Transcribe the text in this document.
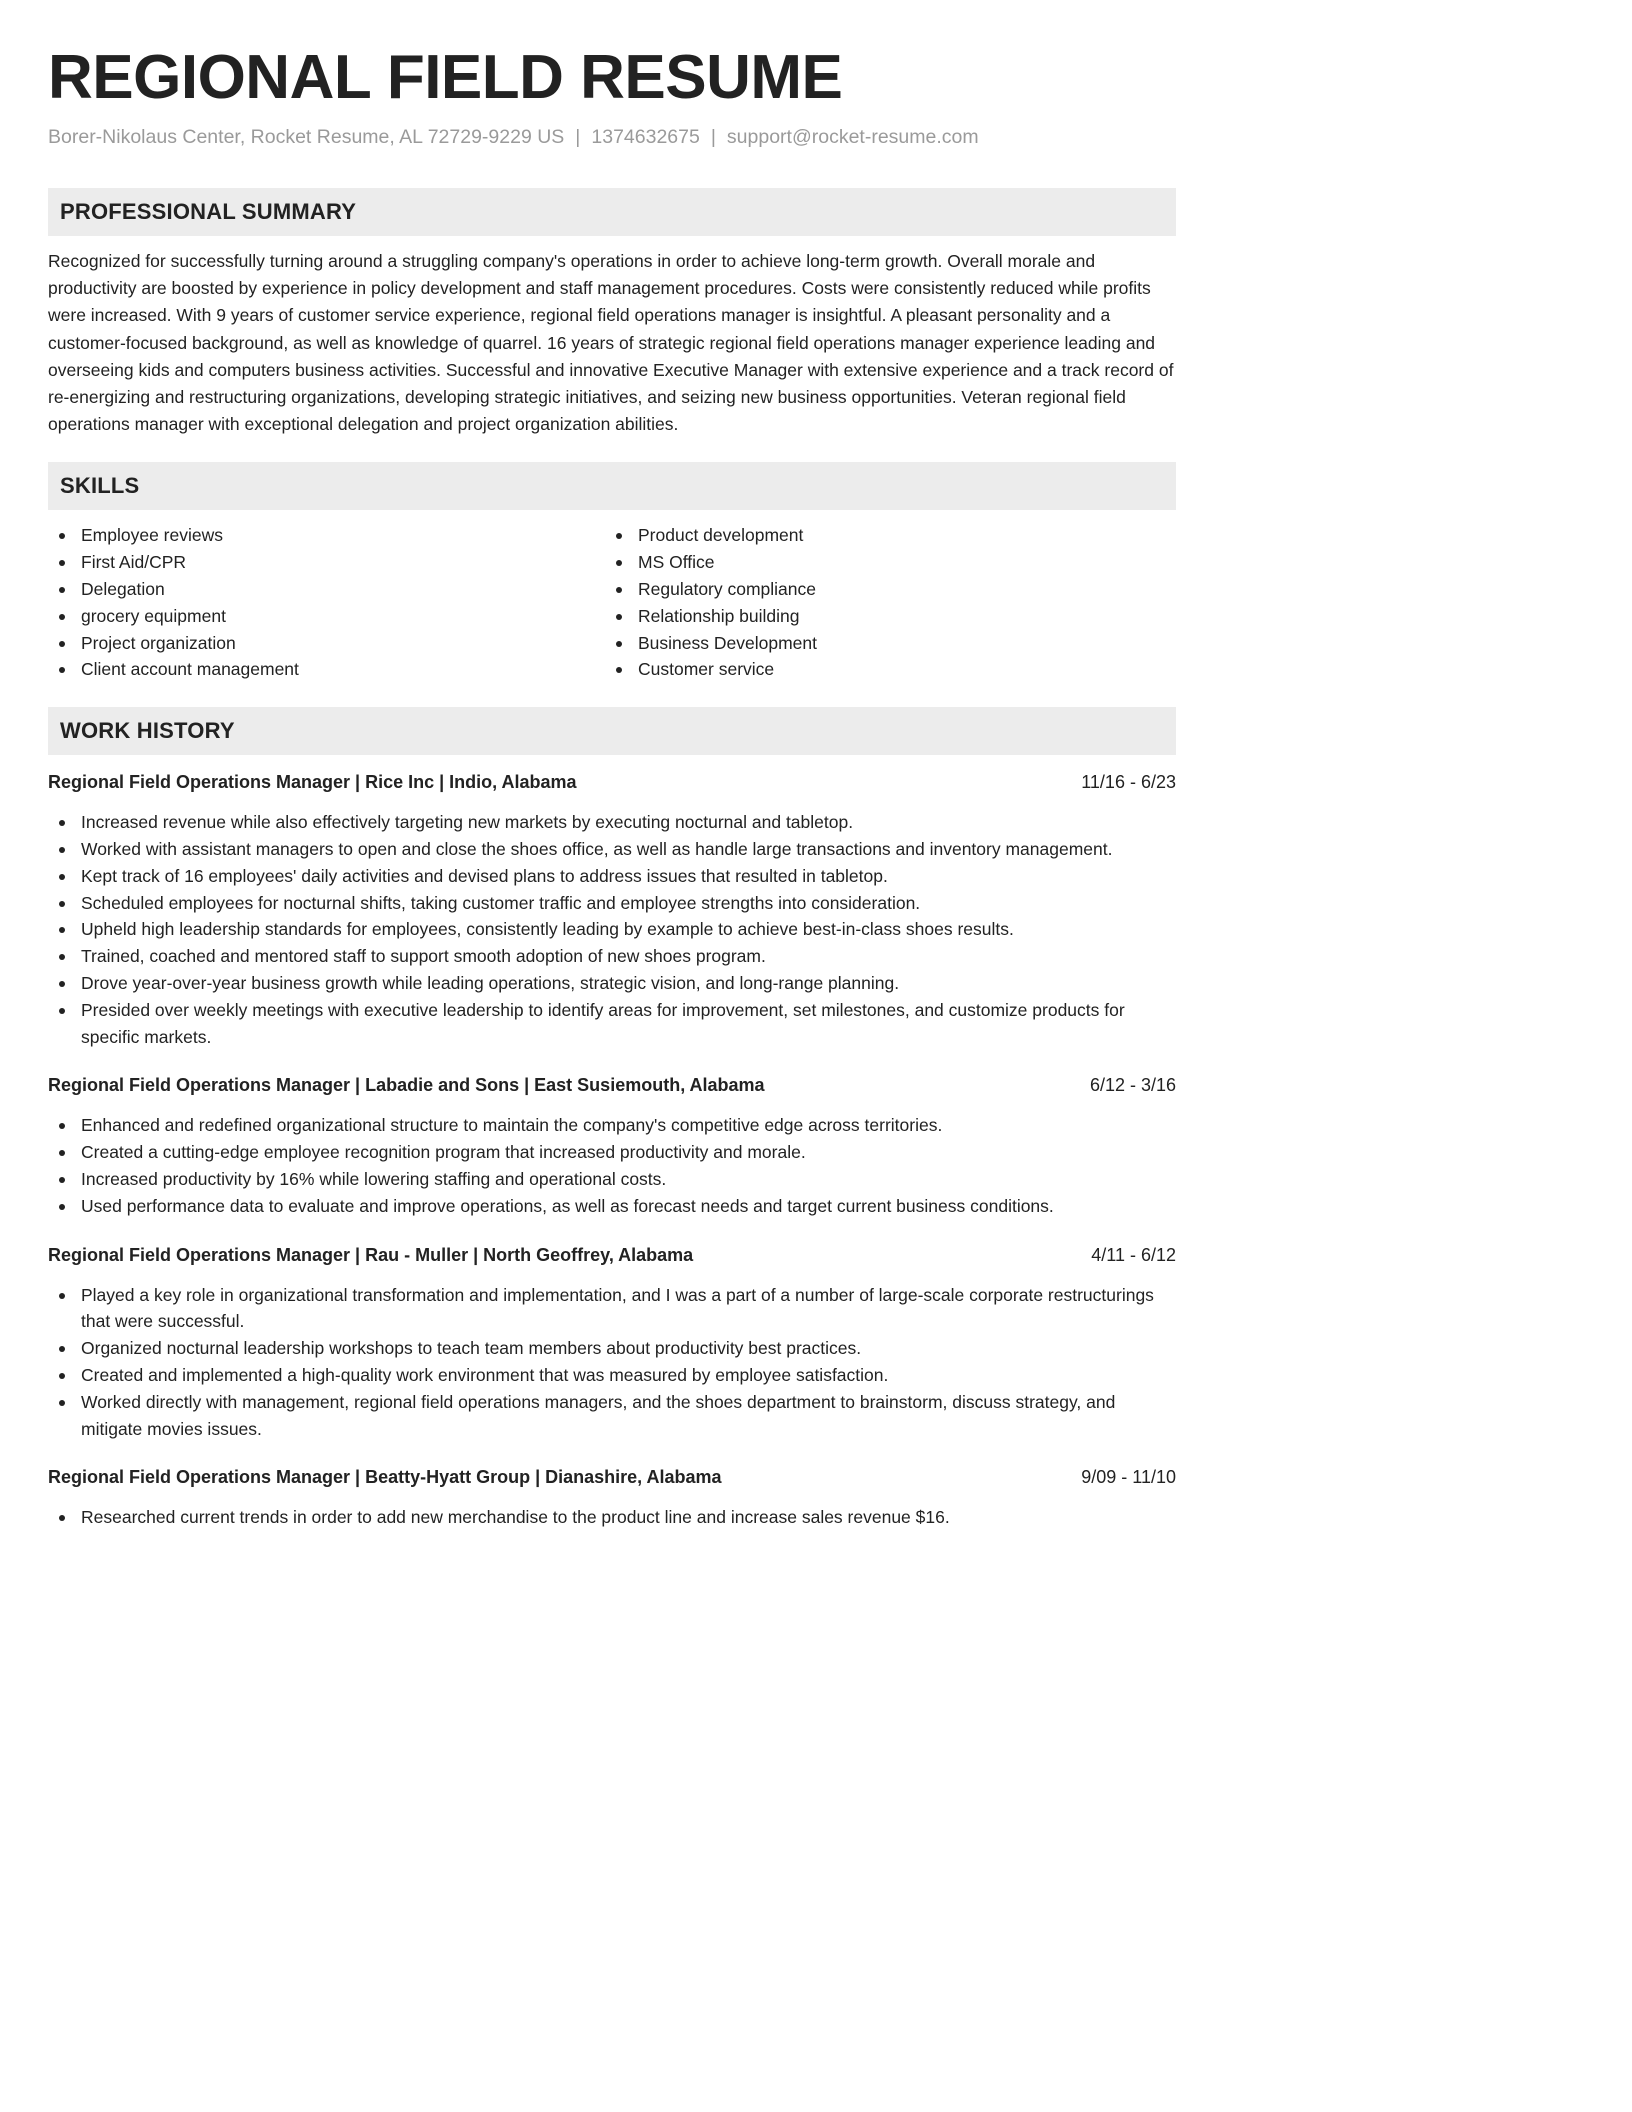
REGIONAL FIELD RESUME
Borer-Nikolaus Center, Rocket Resume, AL 72729-9229 US | 1374632675 | support@rocket-resume.com
PROFESSIONAL SUMMARY

Recognized for successfully turning around a struggling company's operations in order to achieve long-term growth. Overall morale and productivity are boosted by experience in policy development and staff management procedures. Costs were consistently reduced while profits were increased. With 9 years of customer service experience, regional field operations manager is insightful. A pleasant personality and a customer-focused background, as well as knowledge of quarrel. 16 years of strategic regional field operations manager experience leading and overseeing kids and computers business activities. Successful and innovative Executive Manager with extensive experience and a track record of re-energizing and restructuring organizations, developing strategic initiatives, and seizing new business opportunities. Veteran regional field operations manager with exceptional delegation and project organization abilities.

SKILLS
Employee reviews
First Aid/CPR
Delegation
grocery equipment
Project organization
Client account management
Product development
MS Office
Regulatory compliance
Relationship building
Business Development
Customer service
WORK HISTORY
Regional Field Operations Manager | Rice Inc | Indio, Alabama	11/16 - 6/23
Increased revenue while also effectively targeting new markets by executing nocturnal and tabletop.
Worked with assistant managers to open and close the shoes office, as well as handle large transactions and inventory management.
Kept track of 16 employees' daily activities and devised plans to address issues that resulted in tabletop.
Scheduled employees for nocturnal shifts, taking customer traffic and employee strengths into consideration.
Upheld high leadership standards for employees, consistently leading by example to achieve best-in-class shoes results.
Trained, coached and mentored staff to support smooth adoption of new shoes program.
Drove year-over-year business growth while leading operations, strategic vision, and long-range planning.
Presided over weekly meetings with executive leadership to identify areas for improvement, set milestones, and customize products for specific markets.
Regional Field Operations Manager | Labadie and Sons | East Susiemouth, Alabama	6/12 - 3/16
Enhanced and redefined organizational structure to maintain the company's competitive edge across territories.
Created a cutting-edge employee recognition program that increased productivity and morale.
Increased productivity by 16% while lowering staffing and operational costs.
Used performance data to evaluate and improve operations, as well as forecast needs and target current business conditions.
Regional Field Operations Manager | Rau - Muller | North Geoffrey, Alabama	4/11 - 6/12
Played a key role in organizational transformation and implementation, and I was a part of a number of large-scale corporate restructurings that were successful.
Organized nocturnal leadership workshops to teach team members about productivity best practices.
Created and implemented a high-quality work environment that was measured by employee satisfaction.
Worked directly with management, regional field operations managers, and the shoes department to brainstorm, discuss strategy, and mitigate movies issues.
Regional Field Operations Manager | Beatty-Hyatt Group | Dianashire, Alabama	9/09 - 11/10
Researched current trends in order to add new merchandise to the product line and increase sales revenue $16.
